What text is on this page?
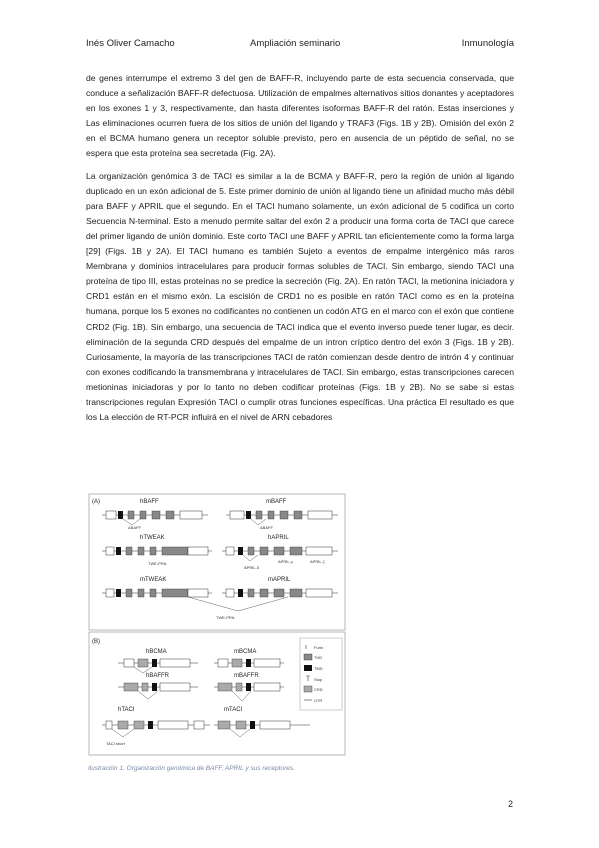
Inés Oliver Camacho	Ampliación seminario	Inmunología

de genes interrumpe el extremo 3 del gen de BAFF-R, incluyendo parte de esta secuencia conservada, que conduce a señalización BAFF-R defectuosa. Utilización de empalmes alternativos sitios donantes y aceptadores en los exones 1 y 3, respectivamente, dan hasta diferentes isoformas BAFF-R del ratón. Estas inserciones y Las eliminaciones ocurren fuera de los sitios de unión del ligando y TRAF3 (Figs. 1B y 2B). Omisión del exón 2 en el BCMA humano genera un receptor soluble previsto, pero en ausencia de un péptido de señal, no se espera que esta proteína sea secretada (Fig. 2A).

La organización genómica 3 de TACI es similar a la de BCMA y BAFF-R, pero la región de unión al ligando duplicado en un exón adicional de 5. Este primer dominio de unión al ligando tiene un afinidad mucho más débil para BAFF y APRIL que el segundo. En el TACI humano solamente, un exón adicional de 5 codifica un corto Secuencia N-terminal. Esto a menudo permite saltar del exón 2 a producir una forma corta de TACI que carece del primer ligando de unión dominio. Este corto TACI une BAFF y APRIL tan eficientemente como la forma larga [29] (Figs. 1B y 2A). El TACI humano es también Sujeto a eventos de empalme intergénico más raros Membrana y dominios intracelulares para producir formas solubles de TACI. Sin embargo, siendo TACI una proteína de tipo III, estas proteínas no se predice la secreción (Fig. 2A). En ratón TACI, la metionina iniciadora y CRD1 están en el mismo exón. La escisión de CRD1 no es posible en ratón TACI como es en la proteína humana, porque los 5 exones no codificantes no contienen un codón ATG en el marco con el exón que contiene CRD2 (Fig. 1B). Sin embargo, una secuencia de TACI indica que el evento inverso puede tener lugar, es decir. eliminación de la segunda CRD después del empalme de un intron críptico dentro del exón 3 (Figs. 1B y 2B). Curiosamente, la mayoría de las transcripciones TACI de ratón comienzan desde dentro de intrón 4 y continuar con exones codificando la transmembrana y intracelulares de TACI. Sin embargo, estas transcripciones carecen metioninas iniciadoras y por lo tanto no deben codificar proteínas (Figs. 1B y 2B). No se sabe si estas transcripciones regulan Expresión TACI o cumplir otras funciones específicas. Una práctica El resultado es que los La elección de RT-PCR influirá en el nivel de ARN cebadores

(A)
(B)
hBAFF
ΔBAFF
mBAFF
ΔBAFF
hTWEAK
TWE-PRIL
hAPRIL
APRIL-δ
APRIL-γ	APRIL-ζ
mTWEAK	mAPRIL
TWE-PRIL
hBCMA	mBCMA
hBAFFR	mBAFFR
hTACI
TACI short
mTACI
Furin
THD
TMD
Stop
CRD
UTR
Ilustración 1. Organización genómica de BAFF, APRIL y sus receptores.
2
